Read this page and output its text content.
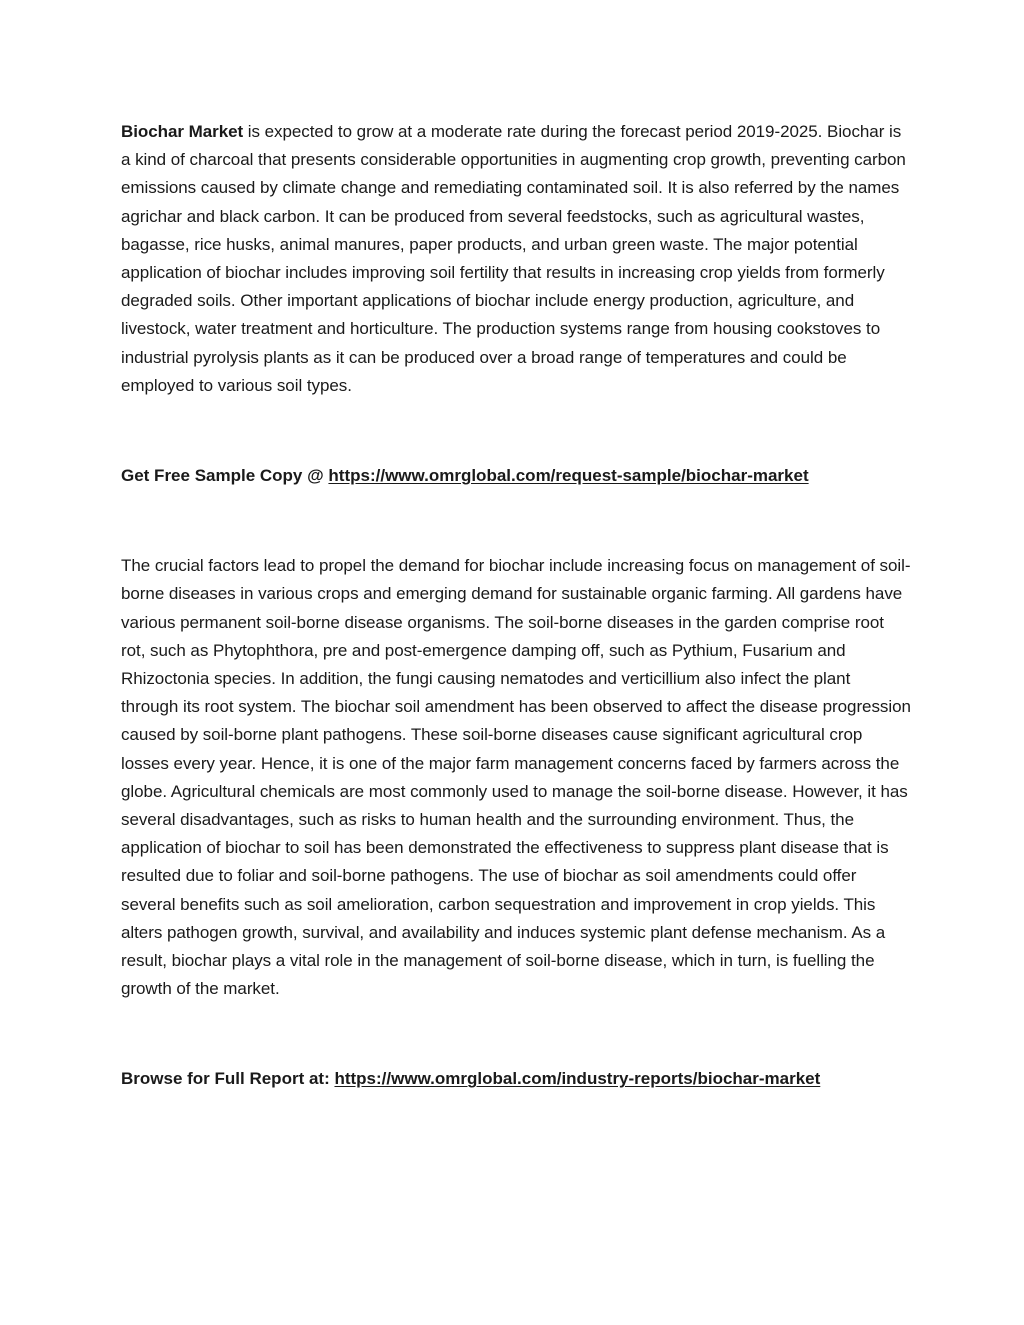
Biochar Market is expected to grow at a moderate rate during the forecast period 2019-2025. Biochar is a kind of charcoal that presents considerable opportunities in augmenting crop growth, preventing carbon emissions caused by climate change and remediating contaminated soil. It is also referred by the names agrichar and black carbon. It can be produced from several feedstocks, such as agricultural wastes, bagasse, rice husks, animal manures, paper products, and urban green waste. The major potential application of biochar includes improving soil fertility that results in increasing crop yields from formerly degraded soils. Other important applications of biochar include energy production, agriculture, and livestock, water treatment and horticulture. The production systems range from housing cookstoves to industrial pyrolysis plants as it can be produced over a broad range of temperatures and could be employed to various soil types.

Get Free Sample Copy @ https://www.omrglobal.com/request-sample/biochar-market

The crucial factors lead to propel the demand for biochar include increasing focus on management of soil-borne diseases in various crops and emerging demand for sustainable organic farming. All gardens have various permanent soil-borne disease organisms. The soil-borne diseases in the garden comprise root rot, such as Phytophthora, pre and post-emergence damping off, such as Pythium, Fusarium and Rhizoctonia species. In addition, the fungi causing nematodes and verticillium also infect the plant through its root system. The biochar soil amendment has been observed to affect the disease progression caused by soil-borne plant pathogens. These soil-borne diseases cause significant agricultural crop losses every year. Hence, it is one of the major farm management concerns faced by farmers across the globe. Agricultural chemicals are most commonly used to manage the soil-borne disease. However, it has several disadvantages, such as risks to human health and the surrounding environment. Thus, the application of biochar to soil has been demonstrated the effectiveness to suppress plant disease that is resulted due to foliar and soil-borne pathogens. The use of biochar as soil amendments could offer several benefits such as soil amelioration, carbon sequestration and improvement in crop yields. This alters pathogen growth, survival, and availability and induces systemic plant defense mechanism. As a result, biochar plays a vital role in the management of soil-borne disease, which in turn, is fuelling the growth of the market.

Browse for Full Report at: https://www.omrglobal.com/industry-reports/biochar-market
